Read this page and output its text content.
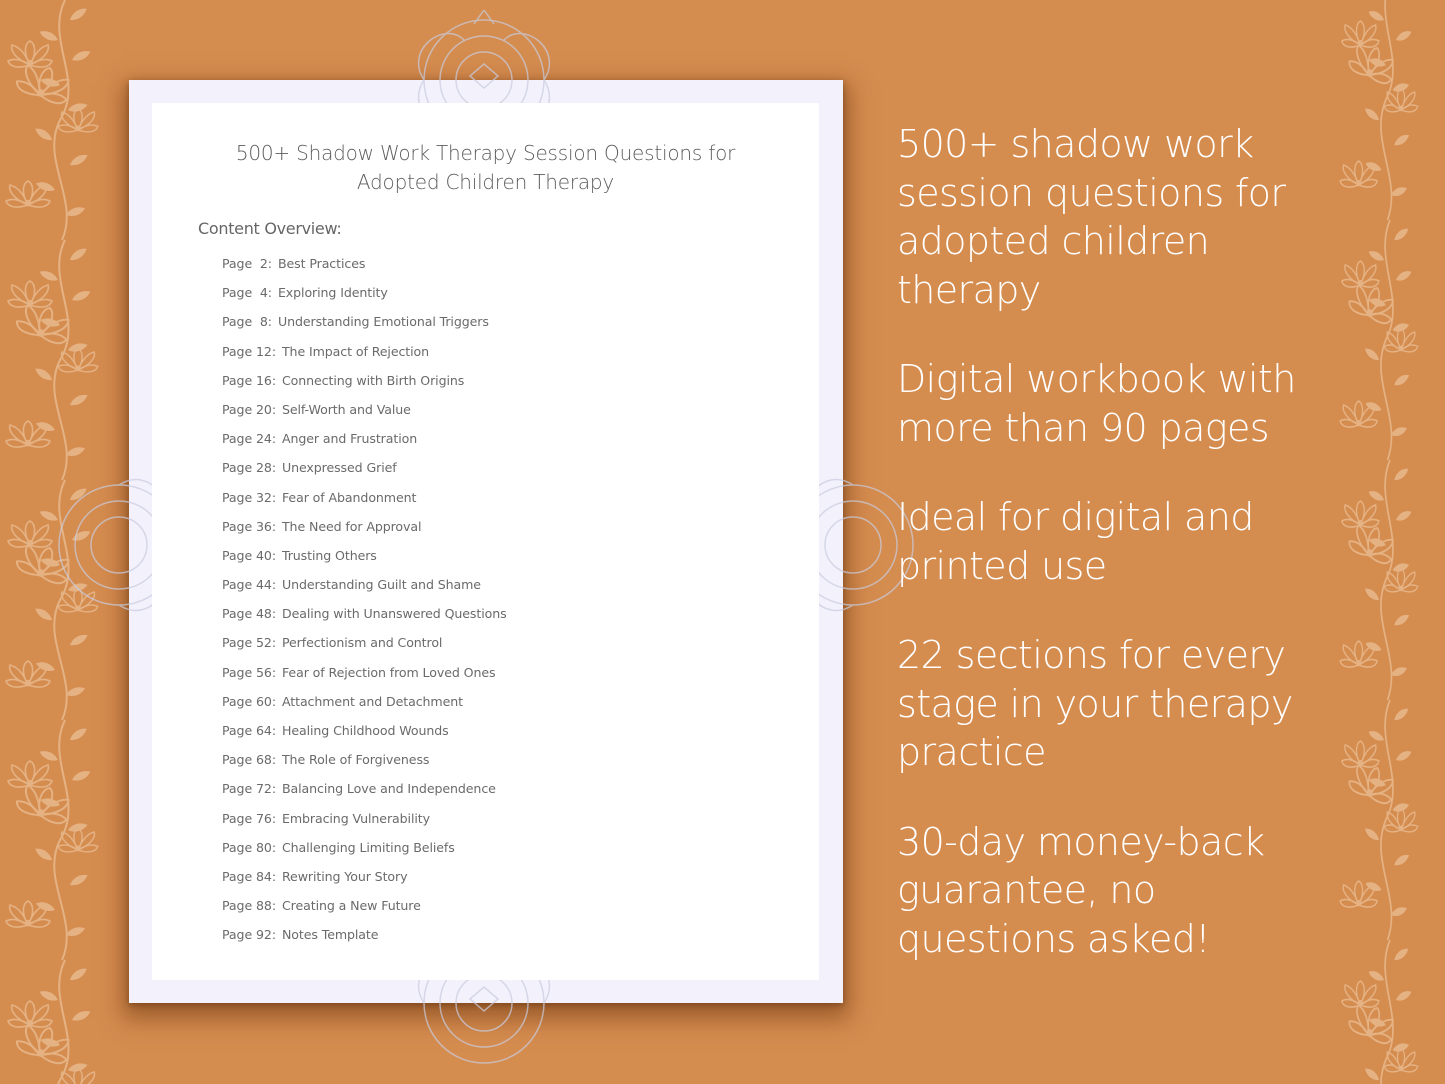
500+ Shadow Work Therapy Session Questions for
Adopted Children Therapy
Content Overview:
Page  2: Best Practices
Page  4: Exploring Identity
Page  8: Understanding Emotional Triggers
Page 12: The Impact of Rejection
Page 16: Connecting with Birth Origins
Page 20: Self-Worth and Value
Page 24: Anger and Frustration
Page 28: Unexpressed Grief
Page 32: Fear of Abandonment
Page 36: The Need for Approval
Page 40: Trusting Others
Page 44: Understanding Guilt and Shame
Page 48: Dealing with Unanswered Questions
Page 52: Perfectionism and Control
Page 56: Fear of Rejection from Loved Ones
Page 60: Attachment and Detachment
Page 64: Healing Childhood Wounds
Page 68: The Role of Forgiveness
Page 72: Balancing Love and Independence
Page 76: Embracing Vulnerability
Page 80: Challenging Limiting Beliefs
Page 84: Rewriting Your Story
Page 88: Creating a New Future
Page 92: Notes Template
500+ shadow work
session questions for
adopted children
therapy
Digital workbook with
more than 90 pages
Ideal for digital and
printed use
22 sections for every
stage in your therapy
practice
30-day money-back
guarantee, no
questions asked!
